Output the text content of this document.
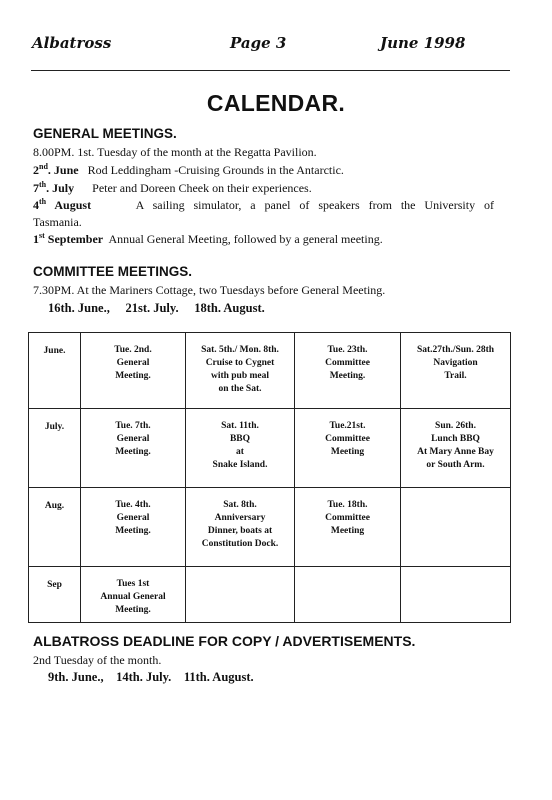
Albatross	Page 3	June 1998
CALENDAR.
GENERAL MEETINGS.
8.00PM. 1st. Tuesday of the month at the Regatta Pavilion.
2nd. June Rod Leddingham -Cruising Grounds in the Antarctic.
7th. July Peter and Doreen Cheek on their experiences.
4th August	A sailing simulator, a panel of speakers from the University of
Tasmania.
1st September Annual General Meeting, followed by a general meeting.
COMMITTEE MEETINGS.
7.30PM. At the Mariners Cottage, two Tuesdays before General Meeting.
16th. June., 21st. July. 18th. August.
June.	Tue. 2nd.
General
Meeting.	Sat. 5th./ Mon. 8th.
Cruise to Cygnet
with pub meal
on the Sat.	Tue. 23th.
Committee
Meeting.	Sat.27th./Sun. 28th
Navigation
Trail.

July.	Tue. 7th.
General
Meeting.	Sat. 11th.
BBQ
at
Snake Island.	Tue.21st.
Committee
Meeting	Sun. 26th.
Lunch BBQ
At Mary Anne Bay
or South Arm.

Aug.	Tue. 4th.
General
Meeting.	Sat. 8th.
Anniversary
Dinner, boats at
Constitution Dock.	Tue. 18th.
Committee
Meeting	

Sep	Tues 1st
Annual General
Meeting.			

ALBATROSS DEADLINE FOR COPY / ADVERTISEMENTS.
2nd Tuesday of the month.
9th. June., 14th. July. 11th. August.
